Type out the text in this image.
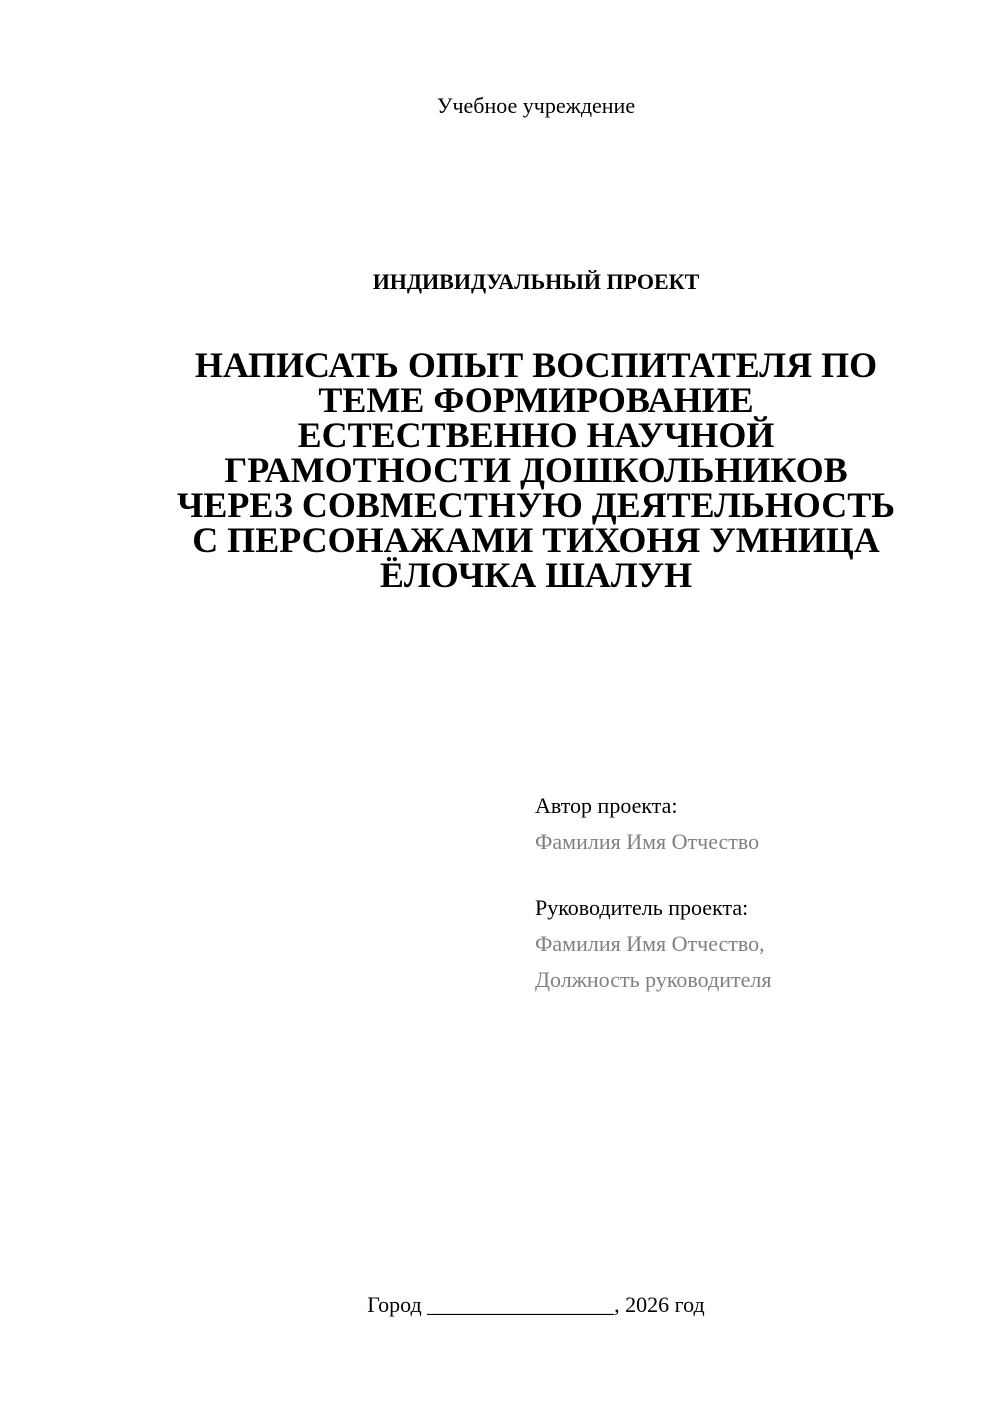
Учебное учреждение
ИНДИВИДУАЛЬНЫЙ ПРОЕКТ
НАПИСАТЬ ОПЫТ ВОСПИТАТЕЛЯ ПО
ТЕМЕ ФОРМИРОВАНИЕ
ЕСТЕСТВЕННО НАУЧНОЙ
ГРАМОТНОСТИ ДОШКОЛЬНИКОВ
ЧЕРЕЗ СОВМЕСТНУЮ ДЕЯТЕЛЬНОСТЬ
С ПЕРСОНАЖАМИ ТИХОНЯ УМНИЦА
ЁЛОЧКА ШАЛУН
Автор проекта:
Фамилия Имя Отчество
Руководитель проекта:
Фамилия Имя Отчество,
Должность руководителя
Город _________________, 2026 год
